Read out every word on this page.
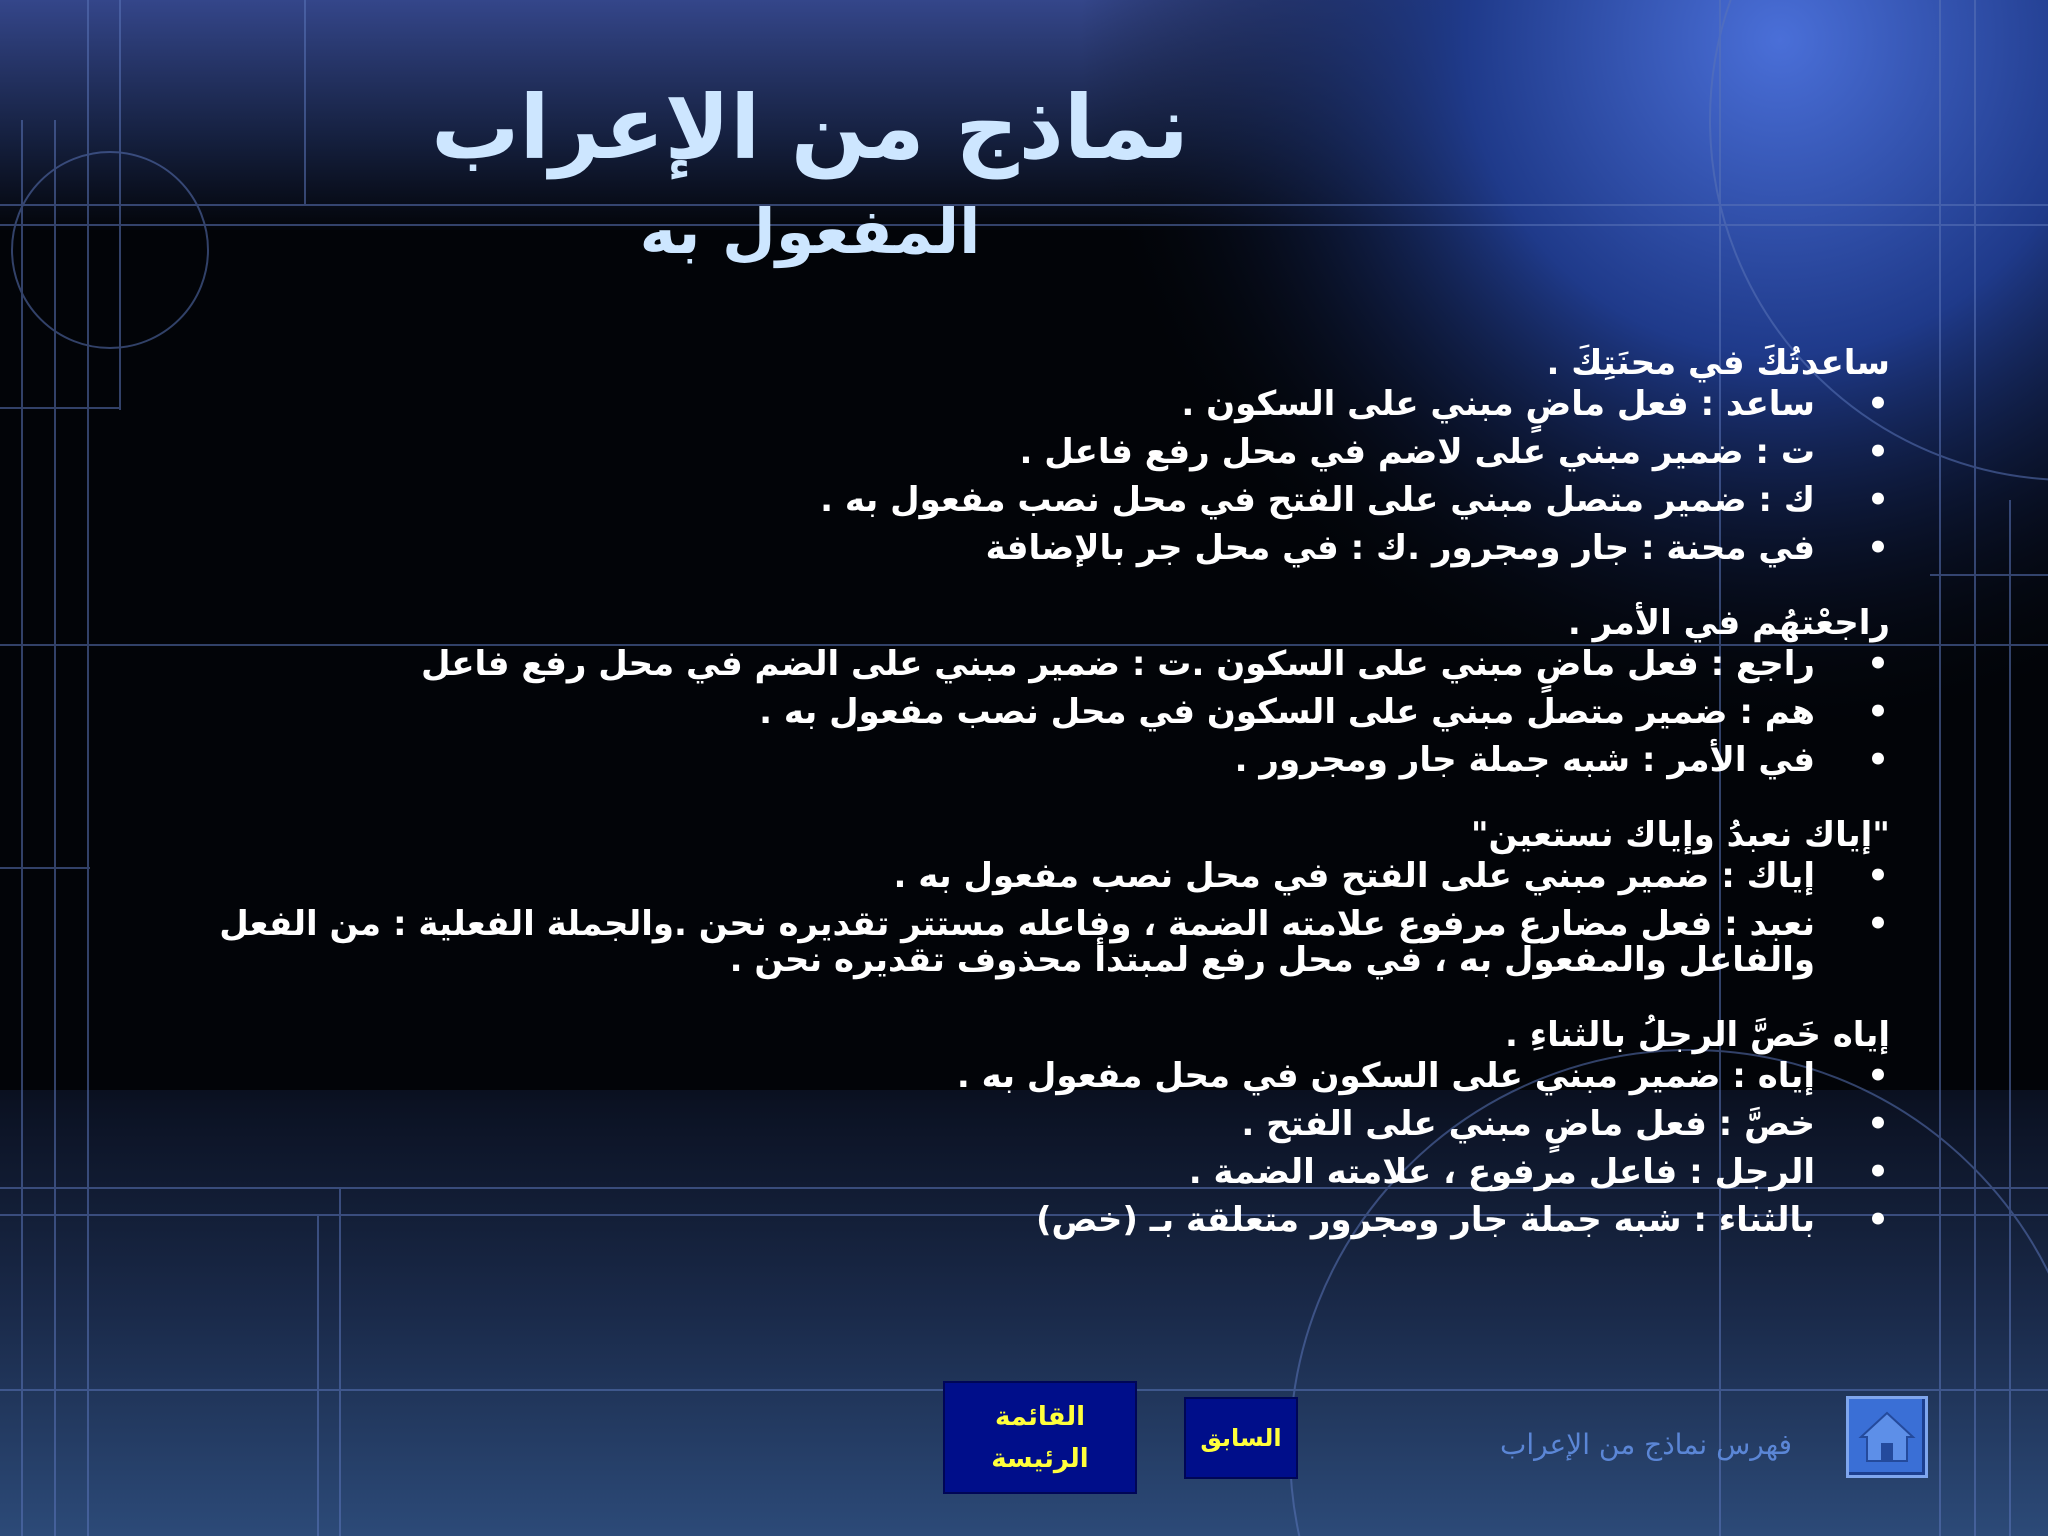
نماذج من الإعراب
المفعول به

ساعدتُكَ في محنَتِكَ .

•
ساعد : فعل ماضٍ مبني على السكون .
•
ت : ضمير مبني على لاضم في محل رفع فاعل .
•
ك : ضمير متصل مبني على الفتح في محل نصب مفعول به .
•
في محنة : جار ومجرور .ك : في محل جر بالإضافة

راجعْتهُم في الأمر .

•
راجع : فعل ماضٍ مبني على السكون .ت : ضمير مبني على الضم في محل رفع فاعل
•
هم : ضمير متصل مبني على السكون في محل نصب مفعول به .
•
في الأمر : شبه جملة جار ومجرور .

"إياك نعبدُ وإياك نستعين"

•
إياك : ضمير مبني على الفتح في محل نصب مفعول به .
•
نعبد : فعل مضارع مرفوع علامته الضمة ، وفاعله مستتر تقديره نحن .والجملة الفعلية : من الفعل والفاعل والمفعول به ، في محل رفع لمبتدأ محذوف تقديره نحن .

إياه خَصَّ الرجلُ بالثناءِ .

•
إياه : ضمير مبني على السكون في محل مفعول به .
•
خصَّ : فعل ماضٍ مبني على الفتح .
•
الرجل : فاعل مرفوع ، علامته الضمة .
•
بالثناء : شبه جملة جار ومجرور متعلقة بـ (خص)
القائمة الرئيسة
السابق	فهرس نماذج من الإعراب
